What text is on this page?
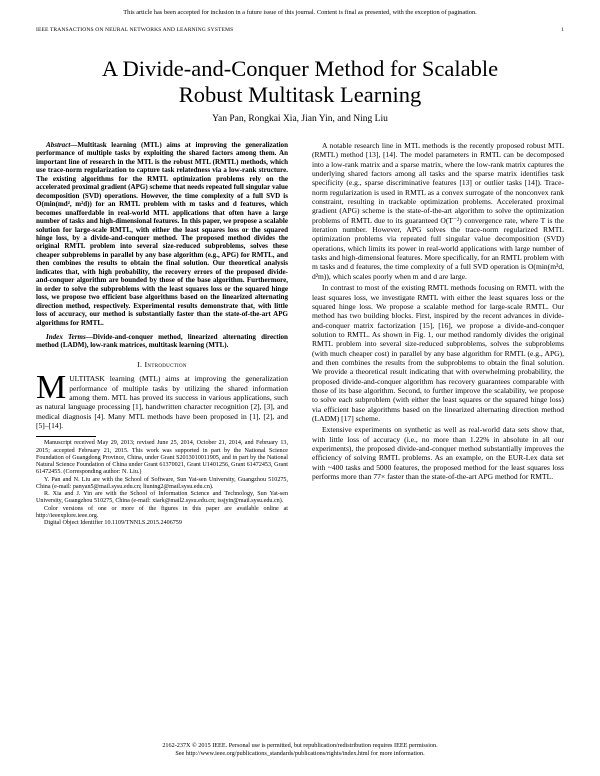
This article has been accepted for inclusion in a future issue of this journal. Content is final as presented, with the exception of pagination.
IEEE TRANSACTIONS ON NEURAL NETWORKS AND LEARNING SYSTEMS	1
A Divide-and-Conquer Method for Scalable
Robust Multitask Learning
Yan Pan, Rongkai Xia, Jian Yin, and Ning Liu

Abstract—Multitask learning (MTL) aims at improving the generalization performance of multiple tasks by exploiting the shared factors among them. An important line of research in the MTL is the robust MTL (RMTL) methods, which use trace-norm regularization to capture task relatedness via a low-rank structure. The existing algorithms for the RMTL optimization problems rely on the accelerated proximal gradient (APG) scheme that needs repeated full singular value decomposition (SVD) operations. However, the time complexity of a full SVD is O(min(md², m²d)) for an RMTL problem with m tasks and d features, which becomes unaffordable in real-world MTL applications that often have a large number of tasks and high-dimensional features. In this paper, we propose a scalable solution for large-scale RMTL, with either the least squares loss or the squared hinge loss, by a divide-and-conquer method. The proposed method divides the original RMTL problem into several size-reduced subproblems, solves these cheaper subproblems in parallel by any base algorithm (e.g., APG) for RMTL, and then combines the results to obtain the final solution. Our theoretical analysis indicates that, with high probability, the recovery errors of the proposed divide-and-conquer algorithm are bounded by those of the base algorithm. Furthermore, in order to solve the subproblems with the least squares loss or the squared hinge loss, we propose two efficient base algorithms based on the linearized alternating direction method, respectively. Experimental results demonstrate that, with little loss of accuracy, our method is substantially faster than the state-of-the-art APG algorithms for RMTL.

Index Terms—Divide-and-conquer method, linearized alternating direction method (LADM), low-rank matrices, multitask learning (MTL).

I. Introduction

MULTITASK learning (MTL) aims at improving the generalization performance of multiple tasks by utilizing the shared information among them. MTL has proved its success in various applications, such as natural language processing [1], handwritten character recognition [2], [3], and medical diagnosis [4]. Many MTL methods have been proposed in [1], [2], and [5]–[14].

Manuscript received May 29, 2013; revised June 25, 2014, October 21, 2014, and February 13, 2015; accepted February 21, 2015. This work was supported in part by the National Science Foundation of Guangdong Province, China, under Grant S2013010011905, and in part by the National Natural Science Foundation of China under Grant 61370021, Grant U1401256, Grant 61472453, Grant 61472455. (Corresponding author: N. Liu.)

Y. Pan and N. Liu are with the School of Software, Sun Yat-sen University, Guangzhou 510275, China (e-mail: panyan5@mail.sysu.edu.cn; liuning2@mail.sysu.edu.cn).

R. Xia and J. Yin are with the School of Information Science and Technology, Sun Yat-sen University, Guangzhou 510275, China (e-mail: xiark@mail2.sysu.edu.cn; issjyin@mail.sysu.edu.cn).

Color versions of one or more of the figures in this paper are available online at http://ieeexplore.ieee.org.

Digital Object Identifier 10.1109/TNNLS.2015.2406759

A notable research line in MTL methods is the recently proposed robust MTL (RMTL) method [13], [14]. The model parameters in RMTL can be decomposed into a low-rank matrix and a sparse matrix, where the low-rank matrix captures the underlying shared factors among all tasks and the sparse matrix identifies task specificity (e.g., sparse discriminative features [13] or outlier tasks [14]). Trace-norm regularization is used in RMTL as a convex surrogate of the nonconvex rank constraint, resulting in trackable optimization problems. Accelerated proximal gradient (APG) scheme is the state-of-the-art algorithm to solve the optimization problems of RMTL due to its guaranteed O(T⁻²) convergence rate, where T is the iteration number. However, APG solves the trace-norm regularized RMTL optimization problems via repeated full singular value decomposition (SVD) operations, which limits its power in real-world applications with large number of tasks and high-dimensional features. More specifically, for an RMTL problem with m tasks and d features, the time complexity of a full SVD operation is O(min(m²d, d²m)), which scales poorly when m and d are large.

In contrast to most of the existing RMTL methods focusing on RMTL with the least squares loss, we investigate RMTL with either the least squares loss or the squared hinge loss. We propose a scalable method for large-scale RMTL. Our method has two building blocks. First, inspired by the recent advances in divide-and-conquer matrix factorization [15], [16], we propose a divide-and-conquer solution to RMTL. As shown in Fig. 1, our method randomly divides the original RMTL problem into several size-reduced subproblems, solves the subproblems (with much cheaper cost) in parallel by any base algorithm for RMTL (e.g., APG), and then combines the results from the subproblems to obtain the final solution. We provide a theoretical result indicating that with overwhelming probability, the proposed divide-and-conquer algorithm has recovery guarantees comparable with those of its base algorithm. Second, to further improve the scalability, we propose to solve each subproblem (with either the least squares or the squared hinge loss) via efficient base algorithms based on the linearized alternating direction method (LADM) [17] scheme.

Extensive experiments on synthetic as well as real-world data sets show that, with little loss of accuracy (i.e., no more than 1.22% in absolute in all our experiments), the proposed divide-and-conquer method substantially improves the efficiency of solving RMTL problems. As an example, on the EUR-Lex data set with ~400 tasks and 5000 features, the proposed method for the least squares loss performs more than 77× faster than the state-of-the-art APG method for RMTL.

2162-237X © 2015 IEEE. Personal use is permitted, but republication/redistribution requires IEEE permission.
See http://www.ieee.org/publications_standards/publications/rights/index.html for more information.
